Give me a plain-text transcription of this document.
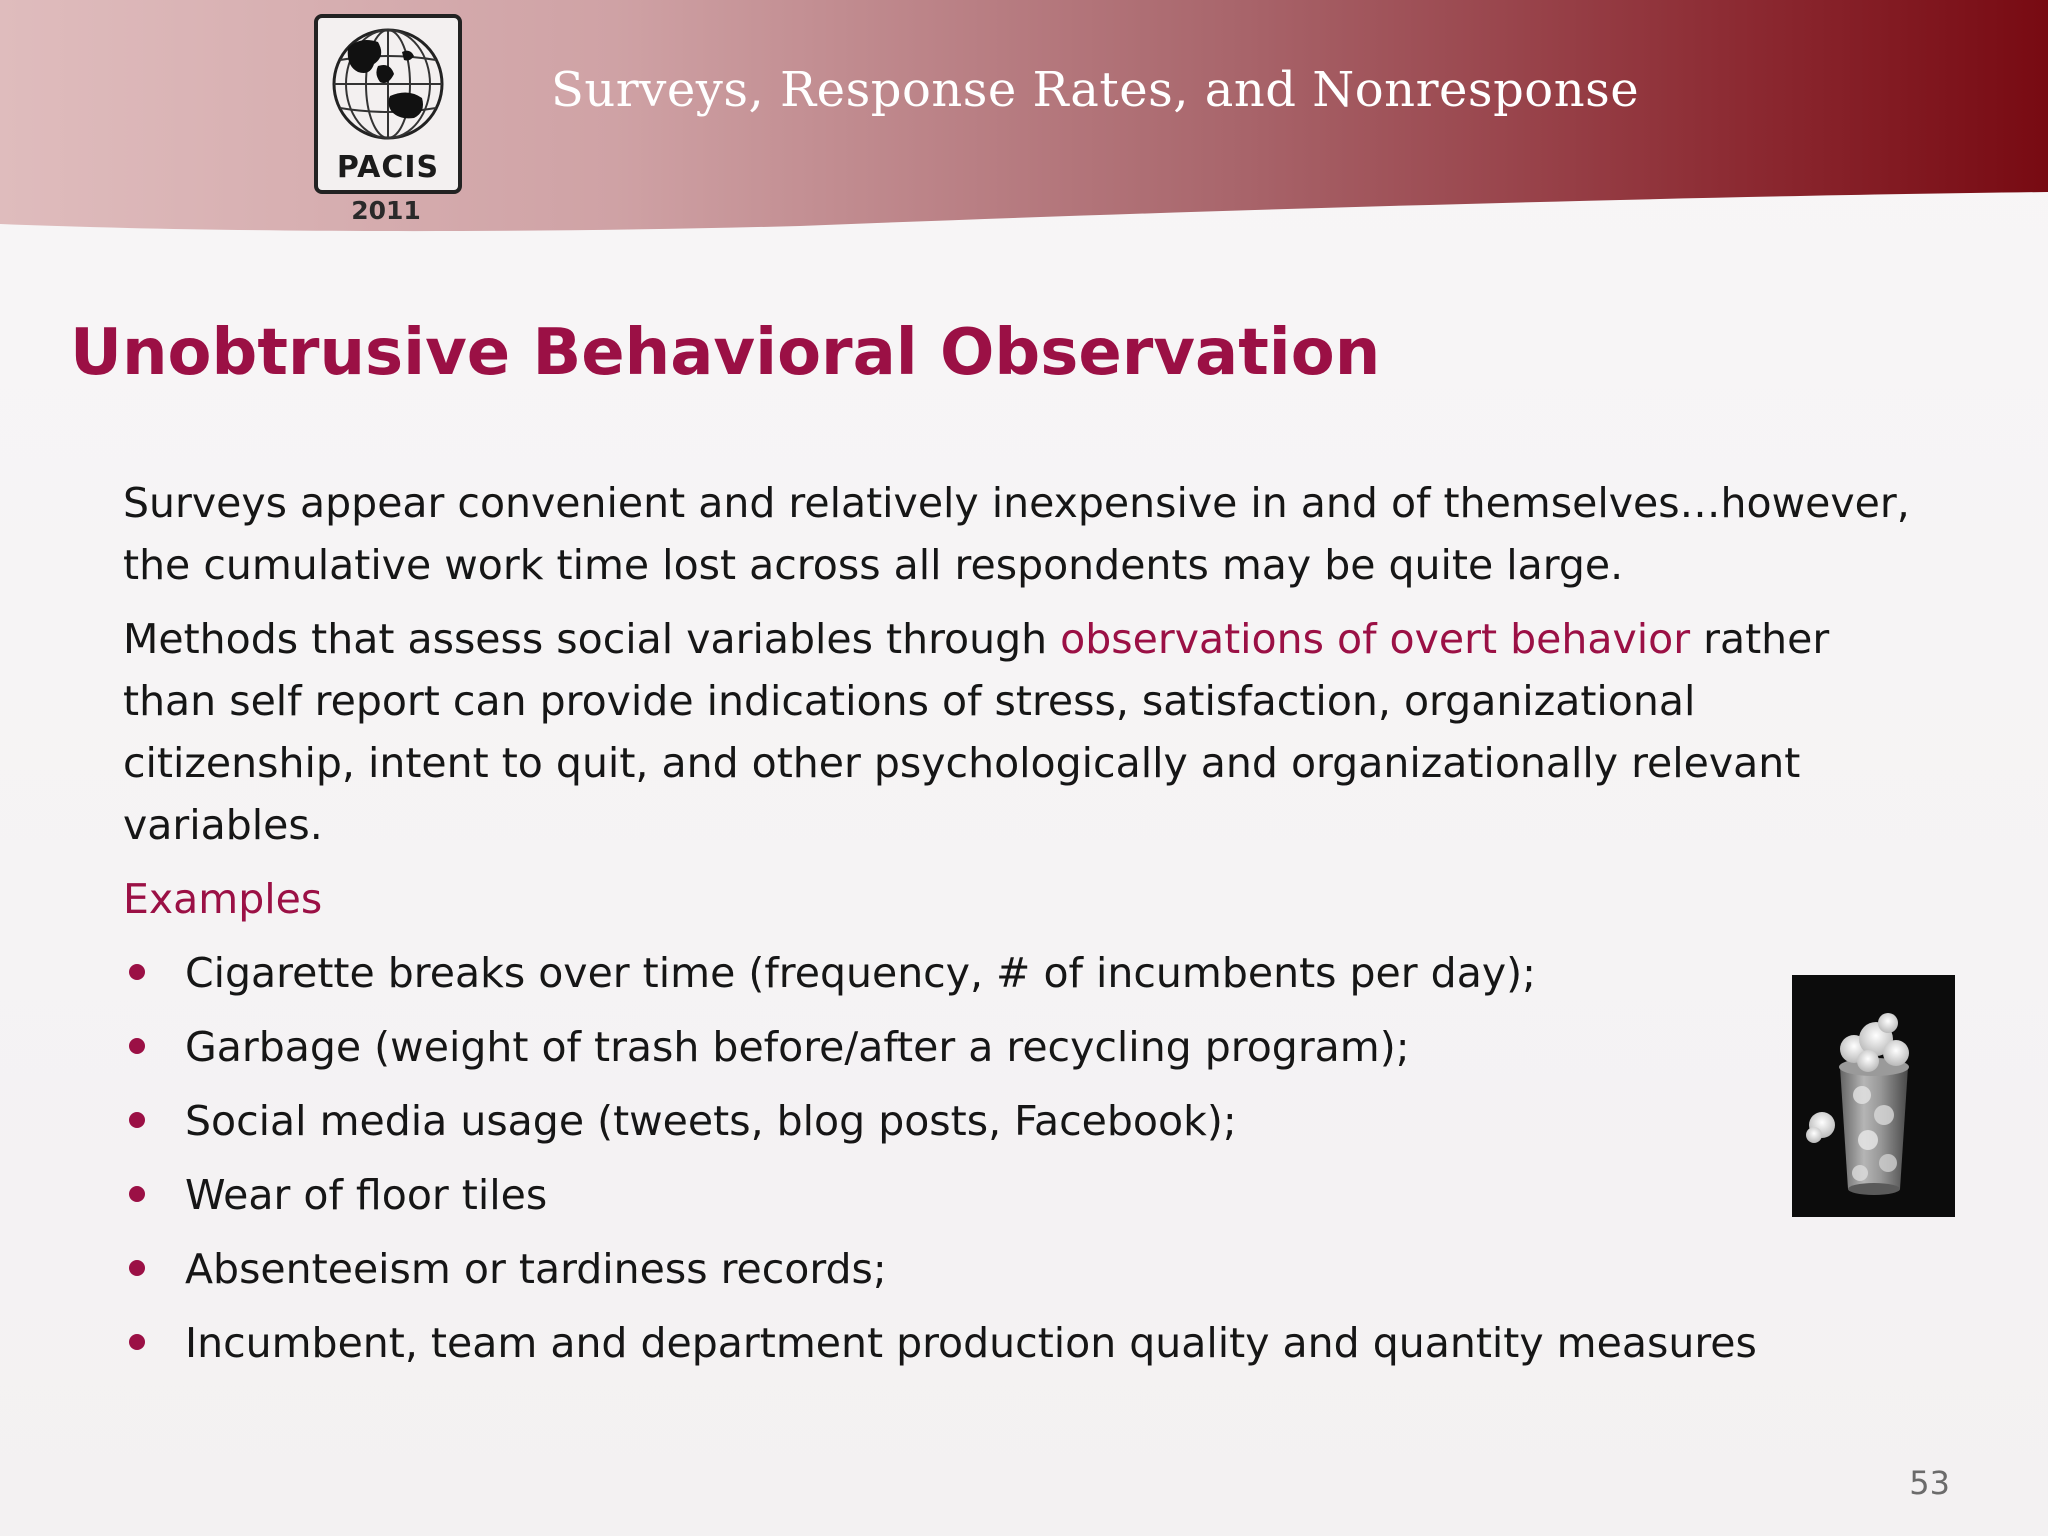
Surveys, Response Rates, and Nonresponse
PACIS
2011
Unobtrusive Behavioral Observation

Surveys appear convenient and relatively inexpensive in and of themselves…however, the cumulative work time lost across all respondents may be quite large.

Methods that assess social variables through observations of overt behavior rather than self report can provide indications of stress, satisfaction, organizational citizenship, intent to quit, and other psychologically and organizationally relevant variables.

Examples
Cigarette breaks over time (frequency, # of incumbents per day);
Garbage (weight of trash before/after a recycling program);
Social media usage (tweets, blog posts, Facebook);
Wear of floor tiles
Absenteeism or tardiness records;
Incumbent, team and department production quality and quantity measures
53
